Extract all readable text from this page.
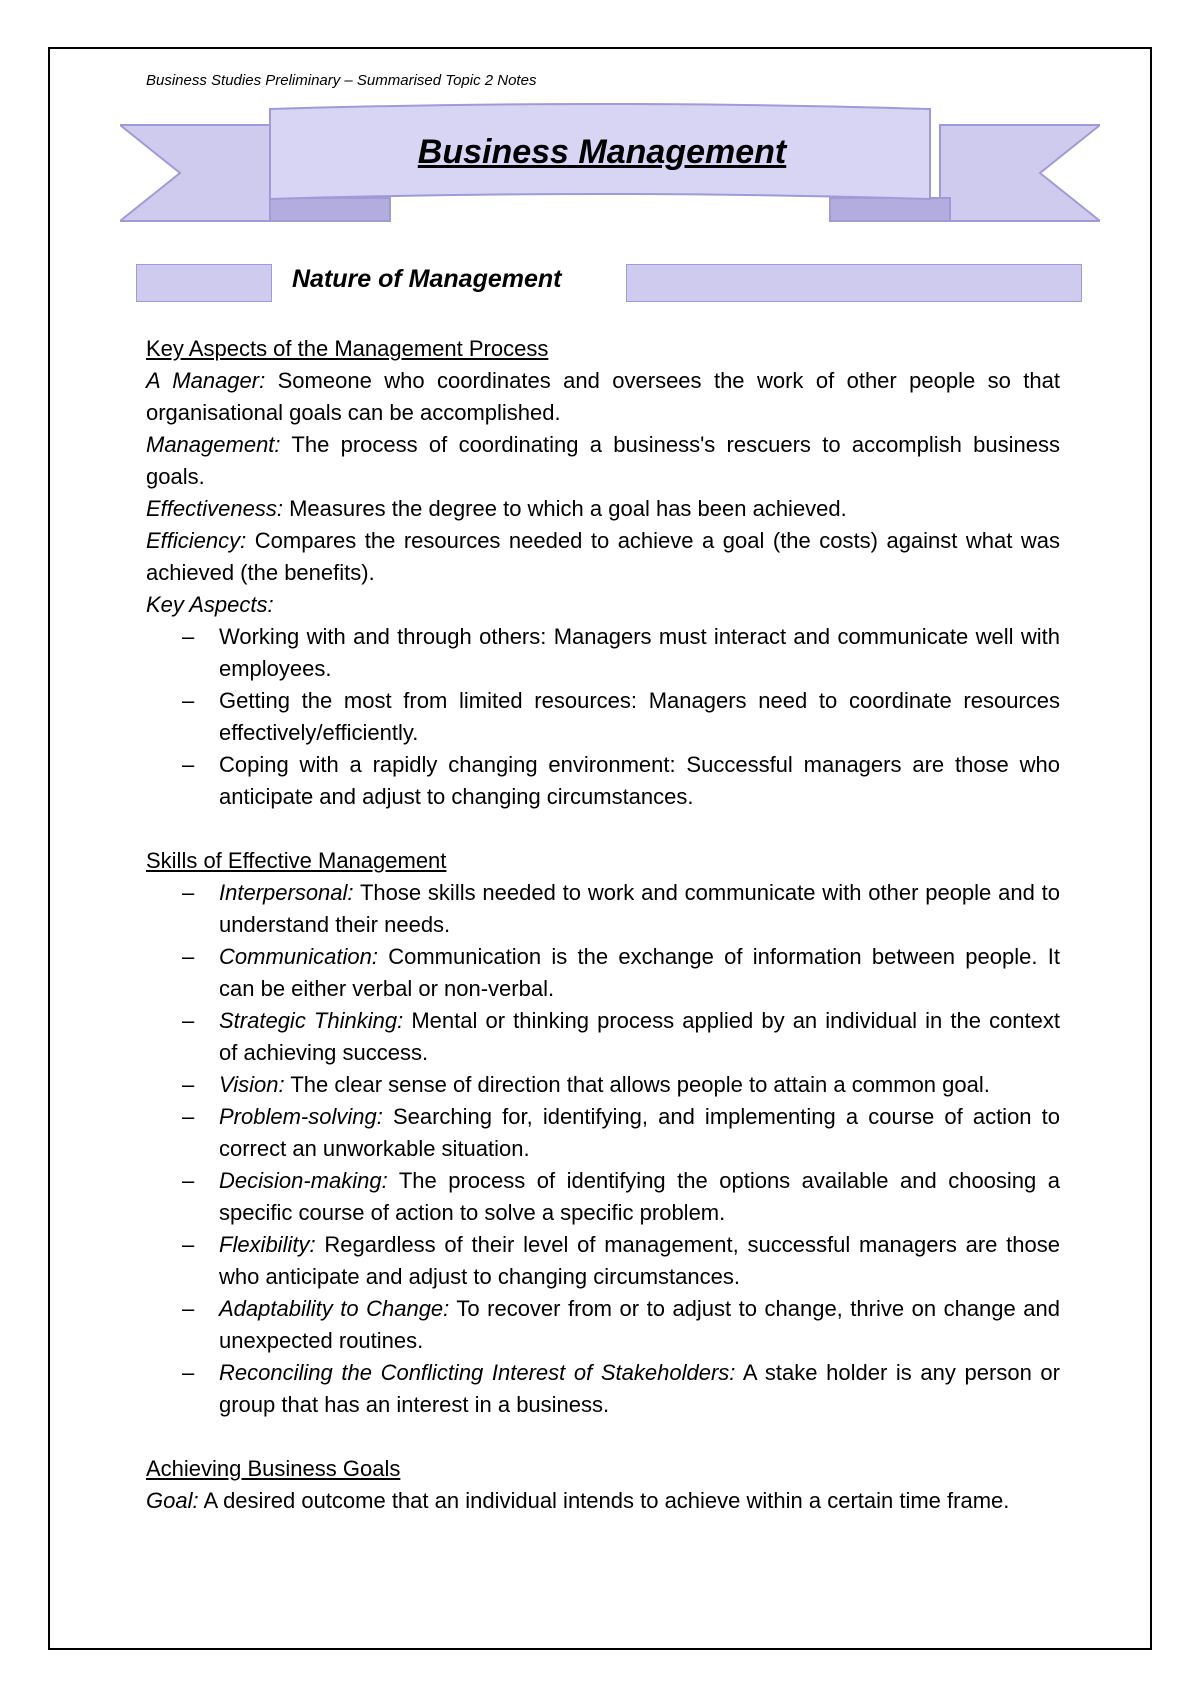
Business Studies Preliminary – Summarised Topic 2 Notes
Business Management
Nature of Management
Key Aspects of the Management Process

A Manager: Someone who coordinates and oversees the work of other people so that organisational goals can be accomplished.

Management: The process of coordinating a business's rescuers to accomplish business goals.

Effectiveness: Measures the degree to which a goal has been achieved.

Efficiency: Compares the resources needed to achieve a goal (the costs) against what was achieved (the benefits).

Key Aspects:
– Working with and through others: Managers must interact and communicate well with employees.
– Getting the most from limited resources: Managers need to coordinate resources effectively/efficiently.
– Coping with a rapidly changing environment: Successful managers are those who anticipate and adjust to changing circumstances.
Skills of Effective Management
– Interpersonal: Those skills needed to work and communicate with other people and to understand their needs.
– Communication: Communication is the exchange of information between people. It can be either verbal or non-verbal.
– Strategic Thinking: Mental or thinking process applied by an individual in the context of achieving success.
– Vision: The clear sense of direction that allows people to attain a common goal.
– Problem-solving: Searching for, identifying, and implementing a course of action to correct an unworkable situation.
– Decision-making: The process of identifying the options available and choosing a specific course of action to solve a specific problem.
– Flexibility: Regardless of their level of management, successful managers are those who anticipate and adjust to changing circumstances.
– Adaptability to Change: To recover from or to adjust to change, thrive on change and unexpected routines.
– Reconciling the Conflicting Interest of Stakeholders: A stake holder is any person or group that has an interest in a business.
Achieving Business Goals

Goal: A desired outcome that an individual intends to achieve within a certain time frame.
